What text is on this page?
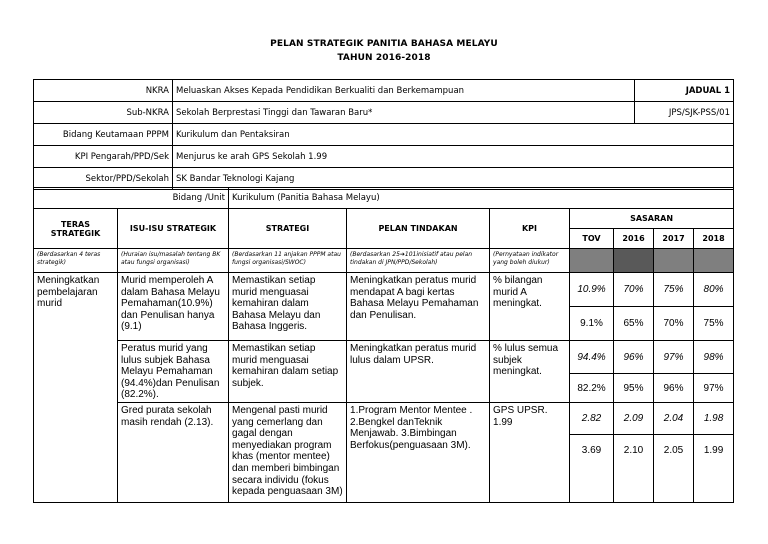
PELAN STRATEGIK PANITIA BAHASA MELAYU
TAHUN 2016-2018
NKRA	Meluaskan Akses Kepada Pendidikan Berkualiti dan Berkemampuan	JADUAL 1
Sub-NKRA	Sekolah Berprestasi Tinggi dan Tawaran Baru*	JPS/SJK-PSS/01
Bidang Keutamaan PPPM	Kurikulum dan Pentaksiran	
KPI Pengarah/PPD/Sek	Menjurus ke arah GPS Sekolah 1.99	
Sektor/PPD/Sekolah	SK Bandar Teknologi Kajang	
Bidang /Unit		Kurikulum (Panitia Bahasa Melayu)						
TERAS STRATEGIK	ISU-ISU STRATEGIK	STRATEGI	PELAN TINDAKAN	KPI	SASARAN			
					TOV	2016	2017	2018
(Berdasarkan 4 teras strategik)	(Huraian isu/masalah tentang BK atau fungsi organisasi)	(Berdasarkan 11 anjakan PPPM atau fungsi organisasi/SWOC)	(Berdasarkan 25➔101inisiatif atau pelan tindakan di JPN/PPD/Sekolah)	(Pernyataan indikator yang boleh diukur)				
Meningkatkan pembelajaran murid	Murid memperoleh A dalam Bahasa Melayu Pemahaman(10.9%) dan Penulisan hanya (9.1)	Memastikan setiap murid menguasai kemahiran dalam Bahasa Melayu dan Bahasa Inggeris.	Meningkatkan peratus murid mendapat A bagi kertas Bahasa Melayu Pemahaman dan Penulisan.	% bilangan murid A meningkat.	10.9%	70%	75%	80%
					9.1%	65%	70%	75%
	Peratus murid yang lulus subjek Bahasa Melayu Pemahaman (94.4%)dan Penulisan (82.2%).	Memastikan setiap murid menguasai kemahiran dalam setiap subjek.	Meningkatkan peratus murid lulus dalam UPSR.	% lulus semua subjek meningkat.	94.4%	96%	97%	98%
					82.2%	95%	96%	97%
	Gred purata sekolah masih rendah (2.13).	Mengenal pasti murid yang cemerlang dan gagal dengan menyediakan program khas (mentor mentee) dan memberi bimbingan secara individu (fokus kepada penguasaan 3M)	1.Program Mentor Mentee . 2.Bengkel danTeknik Menjawab. 3.Bimbingan Berfokus(penguasaan 3M).	GPS UPSR. 1.99	2.82	2.09	2.04	1.98
					3.69	2.10	2.05	1.99
